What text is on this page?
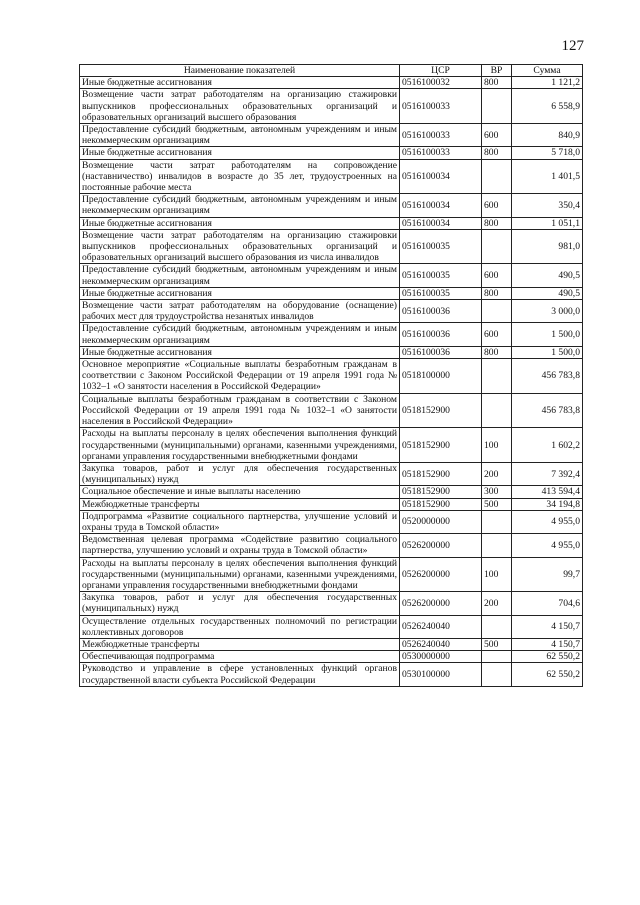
127
Наименование показателей	ЦСР	ВР	Сумма
Иные бюджетные ассигнования	0516100032	800	1 121,2
Возмещение части затрат работодателям на организацию стажировки выпускников профессиональных образовательных организаций и образовательных организаций высшего образования	0516100033		6 558,9
Предоставление субсидий бюджетным, автономным учреждениям и иным некоммерческим организациям	0516100033	600	840,9
Иные бюджетные ассигнования	0516100033	800	5 718,0
Возмещение части затрат работодателям на сопровождение (наставничество) инвалидов в возрасте до 35 лет, трудоустроенных на постоянные рабочие места	0516100034		1 401,5
Предоставление субсидий бюджетным, автономным учреждениям и иным некоммерческим организациям	0516100034	600	350,4
Иные бюджетные ассигнования	0516100034	800	1 051,1
Возмещение части затрат работодателям на организацию стажировки выпускников профессиональных образовательных организаций и образовательных организаций высшего образования из числа инвалидов	0516100035		981,0
Предоставление субсидий бюджетным, автономным учреждениям и иным некоммерческим организациям	0516100035	600	490,5
Иные бюджетные ассигнования	0516100035	800	490,5
Возмещение части затрат работодателям на оборудование (оснащение) рабочих мест для трудоустройства незанятых инвалидов	0516100036		3 000,0
Предоставление субсидий бюджетным, автономным учреждениям и иным некоммерческим организациям	0516100036	600	1 500,0
Иные бюджетные ассигнования	0516100036	800	1 500,0
Основное мероприятие «Социальные выплаты безработным гражданам в соответствии с Законом Российской Федерации от 19 апреля 1991 года № 1032–1 «О занятости населения в Российской Федерации»	0518100000		456 783,8
Социальные выплаты безработным гражданам в соответствии с Законом Российской Федерации от 19 апреля 1991 года № 1032–1 «О занятости населения в Российской Федерации»	0518152900		456 783,8
Расходы на выплаты персоналу в целях обеспечения выполнения функций государственными (муниципальными) органами, казенными учреждениями, органами управления государственными внебюджетными фондами	0518152900	100	1 602,2
Закупка товаров, работ и услуг для обеспечения государственных (муниципальных) нужд	0518152900	200	7 392,4
Социальное обеспечение и иные выплаты населению	0518152900	300	413 594,4
Межбюджетные трансферты	0518152900	500	34 194,8
Подпрограмма «Развитие социального партнерства, улучшение условий и охраны труда в Томской области»	0520000000		4 955,0
Ведомственная целевая программа «Содействие развитию социального партнерства, улучшению условий и охраны труда в Томской области»	0526200000		4 955,0
Расходы на выплаты персоналу в целях обеспечения выполнения функций государственными (муниципальными) органами, казенными учреждениями, органами управления государственными внебюджетными фондами	0526200000	100	99,7
Закупка товаров, работ и услуг для обеспечения государственных (муниципальных) нужд	0526200000	200	704,6
Осуществление отдельных государственных полномочий по регистрации коллективных договоров	0526240040		4 150,7
Межбюджетные трансферты	0526240040	500	4 150,7
Обеспечивающая подпрограмма	0530000000		62 550,2
Руководство и управление в сфере установленных функций органов государственной власти субъекта Российской Федерации	0530100000		62 550,2
